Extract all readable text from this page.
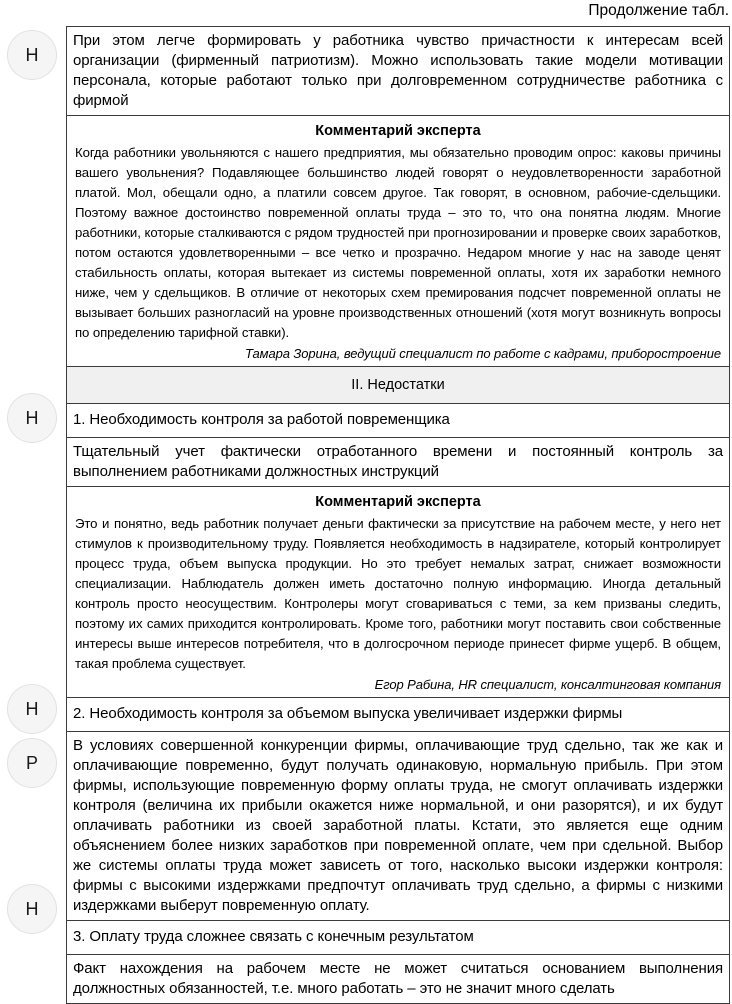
Продолжение табл.
Н
Н
Н
Р
Н
При этом легче формировать у работника чувство причастности к интересам всей организации (фирменный патриотизм). Можно использовать такие модели мотивации персонала, которые работают только при долговременном сотрудничестве работника с фирмой
Комментарий эксперта
Когда работники увольняются с нашего предприятия, мы обязательно проводим опрос: каковы причины вашего увольнения? Подавляющее большинство людей говорят о неудовлетворенности заработной платой. Мол, обещали одно, а платили совсем другое. Так говорят, в основном, рабочие-сдельщики. Поэтому важное достоинство повременной оплаты труда – это то, что она понятна людям. Многие работники, которые сталкиваются с рядом трудностей при прогнозировании и проверке своих заработков, потом остаются удовлетворенными – все четко и прозрачно. Недаром многие у нас на заводе ценят стабильность оплаты, которая вытекает из системы повременной оплаты, хотя их заработки немного ниже, чем у сдельщиков. В отличие от некоторых схем премирования подсчет повременной оплаты не вызывает больших разногласий на уровне производственных отношений (хотя могут возникнуть вопросы по определению тарифной ставки).
Тамара Зорина, ведущий специалист по работе с кадрами, приборостроение
II. Недостатки
1. Необходимость контроля за работой повременщика
Тщательный учет фактически отработанного времени и постоянный контроль за выполнением работниками должностных инструкций
Комментарий эксперта
Это и понятно, ведь работник получает деньги фактически за присутствие на рабочем месте, у него нет стимулов к производительному труду. Появляется необходимость в надзирателе, который контролирует процесс труда, объем выпуска продукции. Но это требует немалых затрат, снижает возможности специализации. Наблюдатель должен иметь достаточно полную информацию. Иногда детальный контроль просто неосуществим. Контролеры могут сговариваться с теми, за кем призваны следить, поэтому их самих приходится контролировать. Кроме того, работники могут поставить свои собственные интересы выше интересов потребителя, что в долгосрочном периоде принесет фирме ущерб. В общем, такая проблема существует.
Егор Рабина, HR специалист, консалтинговая компания
2. Необходимость контроля за объемом выпуска увеличивает издержки фирмы
В условиях совершенной конкуренции фирмы, оплачивающие труд сдельно, так же как и оплачивающие повременно, будут получать одинаковую, нормальную прибыль. При этом фирмы, использующие повременную форму оплаты труда, не смогут оплачивать издержки контроля (величина их прибыли окажется ниже нормальной, и они разорятся), и их будут оплачивать работники из своей заработной платы. Кстати, это является еще одним объяснением более низких заработков при повременной оплате, чем при сдельной. Выбор же системы оплаты труда может зависеть от того, насколько высоки издержки контроля: фирмы с высокими издержками предпочтут оплачивать труд сдельно, а фирмы с низкими издержками выберут повременную оплату.
3. Оплату труда сложнее связать с конечным результатом
Факт нахождения на рабочем месте не может считаться основанием выполнения должностных обязанностей, т.е. много работать – это не значит много сделать
